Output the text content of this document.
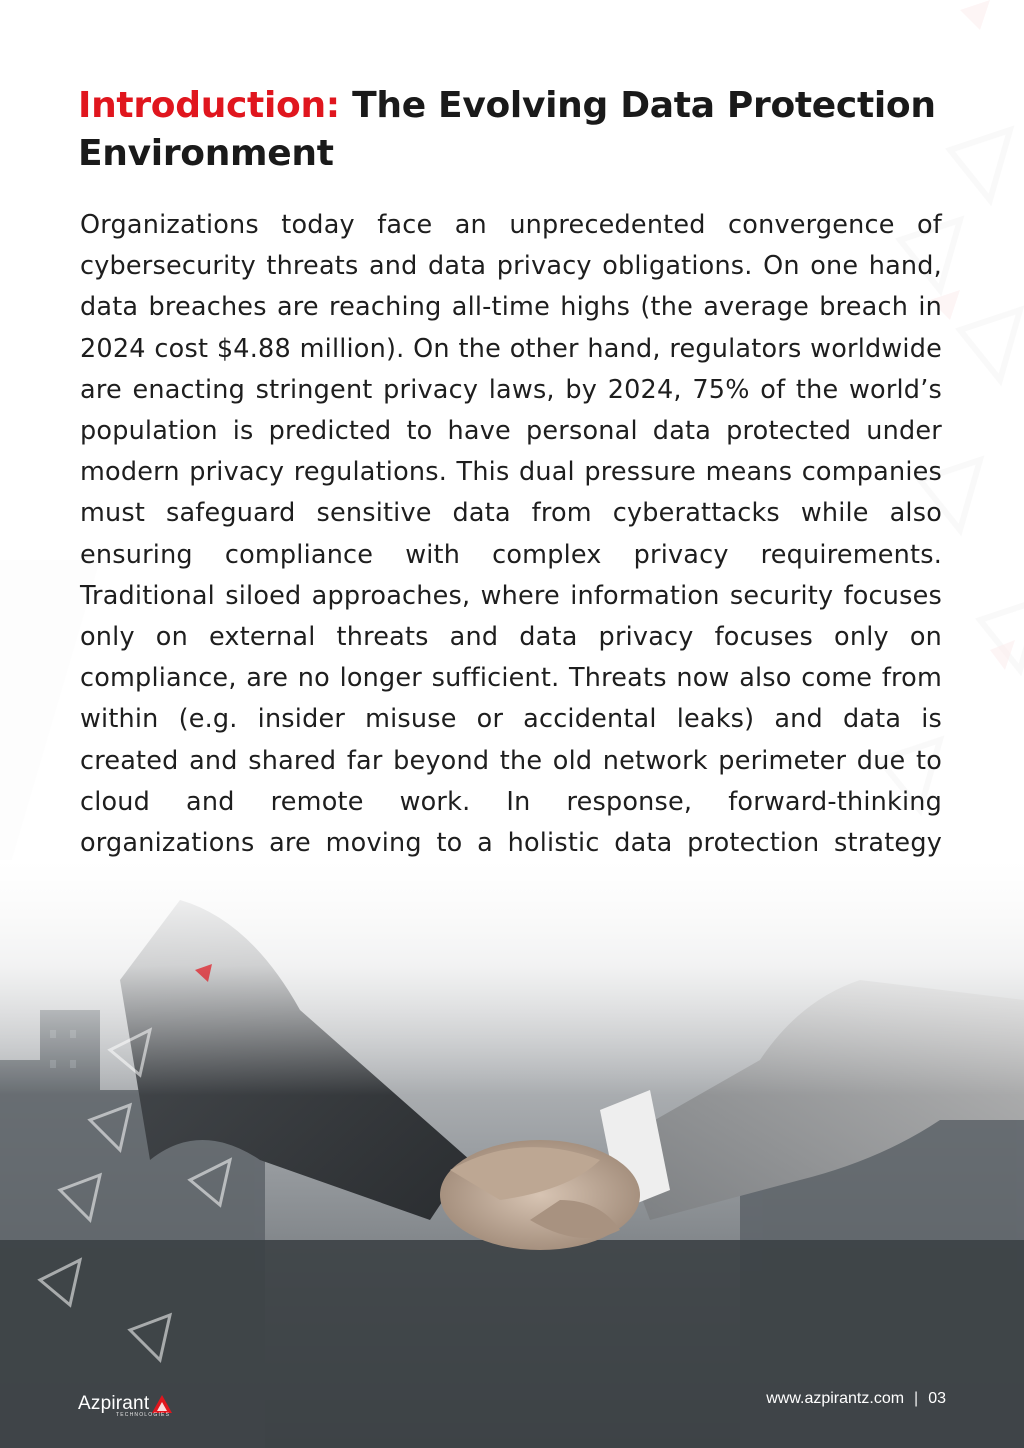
Introduction: The Evolving Data Protection Environment

Organizations today face an unprecedented convergence of cybersecurity threats and data privacy obligations. On one hand, data breaches are reaching all-time highs (the average breach in 2024 cost $4.88 million). On the other hand, regulators worldwide are enacting stringent privacy laws, by 2024, 75% of the world’s population is predicted to have personal data protected under modern privacy regulations. This dual pressure means companies must safeguard sensitive data from cyberattacks while also ensuring compliance with complex privacy requirements. Traditional siloed approaches, where information security focuses only on external threats and data privacy focuses only on compliance, are no longer sufficient. Threats now also come from within (e.g. insider misuse or accidental leaks) and data is created and shared far beyond the old network perimeter due to cloud and remote work. In response, forward-thinking organizations are moving to a holistic data protection strategy

Azpirant
TECHNOLOGIES
www.azpirantz.com | 03
